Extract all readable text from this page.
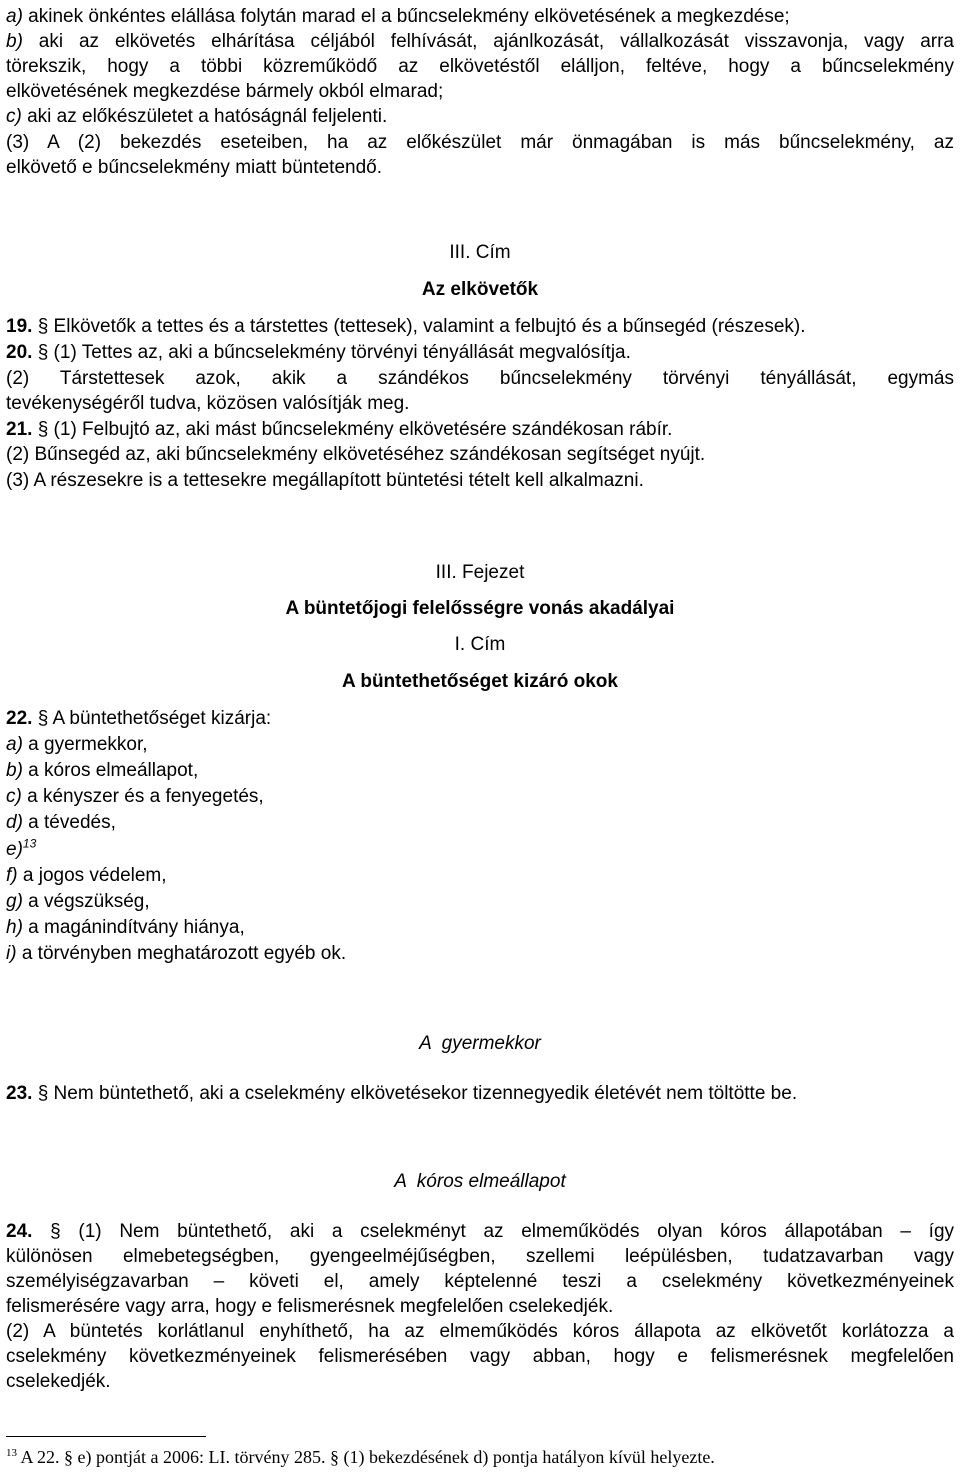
a) akinek önkéntes elállása folytán marad el a bűncselekmény elkövetésének a megkezdése;
b) aki az elkövetés elhárítása céljából felhívását, ajánlkozását, vállalkozását visszavonja, vagy arra
törekszik, hogy a többi közreműködő az elkövetéstől elálljon, feltéve, hogy a bűncselekmény
elkövetésének megkezdése bármely okból elmarad;
c) aki az előkészületet a hatóságnál feljelenti.
(3) A (2) bekezdés eseteiben, ha az előkészület már önmagában is más bűncselekmény, az
elkövető e bűncselekmény miatt büntetendő.
III. Cím
Az elkövetők
19. § Elkövetők a tettes és a társtettes (tettesek), valamint a felbujtó és a bűnsegéd (részesek).
20. § (1) Tettes az, aki a bűncselekmény törvényi tényállását megvalósítja.
(2) Társtettesek azok, akik a szándékos bűncselekmény törvényi tényállását, egymás
tevékenységéről tudva, közösen valósítják meg.
21. § (1) Felbujtó az, aki mást bűncselekmény elkövetésére szándékosan rábír.
(2) Bűnsegéd az, aki bűncselekmény elkövetéséhez szándékosan segítséget nyújt.
(3) A részesekre is a tettesekre megállapított büntetési tételt kell alkalmazni.
III. Fejezet
A büntetőjogi felelősségre vonás akadályai
I. Cím
A büntethetőséget kizáró okok
22. § A büntethetőséget kizárja:
a) a gyermekkor,
b) a kóros elmeállapot,
c) a kényszer és a fenyegetés,
d) a tévedés,
e)$^{13}$
f) a jogos védelem,
g) a végszükség,
h) a magánindítvány hiánya,
i) a törvényben meghatározott egyéb ok.
A  gyermekkor
23. § Nem büntethető, aki a cselekmény elkövetésekor tizennegyedik életévét nem töltötte be.
A  kóros elmeállapot
24. § (1) Nem büntethető, aki a cselekményt az elmeműködés olyan kóros állapotában – így
különösen elmebetegségben, gyengeelméjűségben, szellemi leépülésben, tudatzavarban vagy
személyiségzavarban – követi el, amely képtelenné teszi a cselekmény következményeinek
felismerésére vagy arra, hogy e felismerésnek megfelelően cselekedjék.
(2) A büntetés korlátlanul enyhíthető, ha az elmeműködés kóros állapota az elkövetőt korlátozza a
cselekmény következményeinek felismerésében vagy abban, hogy e felismerésnek megfelelően
cselekedjék.
$^{13}$ A 22. § e) pontját a 2006: LI. törvény 285. § (1) bekezdésének d) pontja hatályon kívül helyezte.
